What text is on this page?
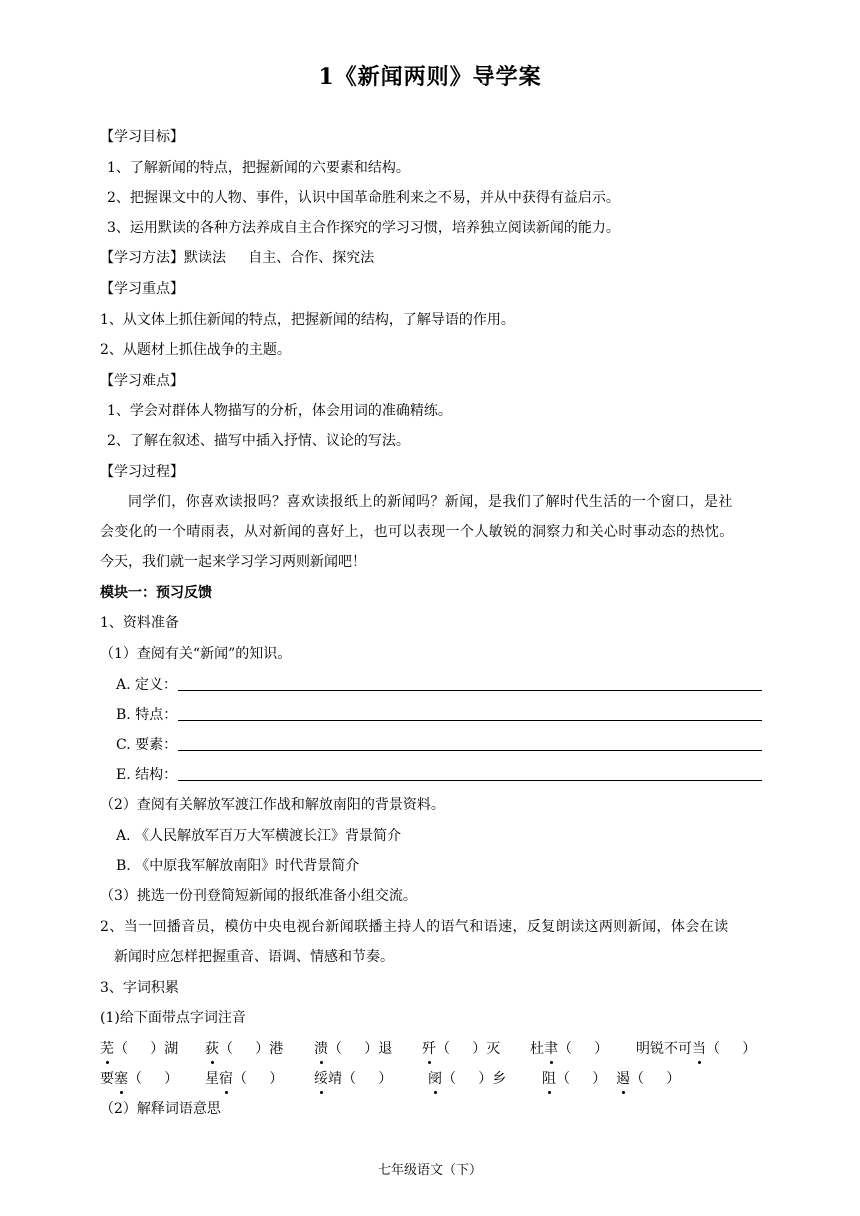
1《新闻两则》导学案
【学习目标】
1、了解新闻的特点，把握新闻的六要素和结构。
2、把握课文中的人物、事件，认识中国革命胜利来之不易，并从中获得有益启示。
3、运用默读的各种方法养成自主合作探究的学习习惯，培养独立阅读新闻的能力。
【学习方法】默读法     自主、合作、探究法
【学习重点】
1、从文体上抓住新闻的特点，把握新闻的结构，了解导语的作用。
2、从题材上抓住战争的主题。
【学习难点】
1、学会对群体人物描写的分析，体会用词的准确精练。
2、了解在叙述、描写中插入抒情、议论的写法。
【学习过程】
同学们，你喜欢读报吗？喜欢读报纸上的新闻吗？新闻，是我们了解时代生活的一个窗口，是社
会变化的一个晴雨表，从对新闻的喜好上，也可以表现一个人敏锐的洞察力和关心时事动态的热忱。
今天，我们就一起来学习学习两则新闻吧！
模块一：预习反馈
1、资料准备
（1）查阅有关“新闻”的知识。
A. 定义：
B. 特点：
C. 要素：
E. 结构：
（2）查阅有关解放军渡江作战和解放南阳的背景资料。
A. 《人民解放军百万大军横渡长江》背景简介
B. 《中原我军解放南阳》时代背景简介
（3）挑选一份刊登简短新闻的报纸准备小组交流。
2、当一回播音员，模仿中央电视台新闻联播主持人的语气和语速，反复朗读这两则新闻，体会在读
新闻时应怎样把握重音、语调、情感和节奏。
3、字词积累
(1)给下面带点字词注音
芜（     ）湖 荻（     ）港 溃（     ）退 歼（     ）灭 杜聿（     ） 明锐不可当（     ）
要塞（     ） 星宿（     ） 绥靖（     ）	阌（     ）乡	阻（     ） 遏（     ）
（2）解释词语意思
七年级语文（下）
